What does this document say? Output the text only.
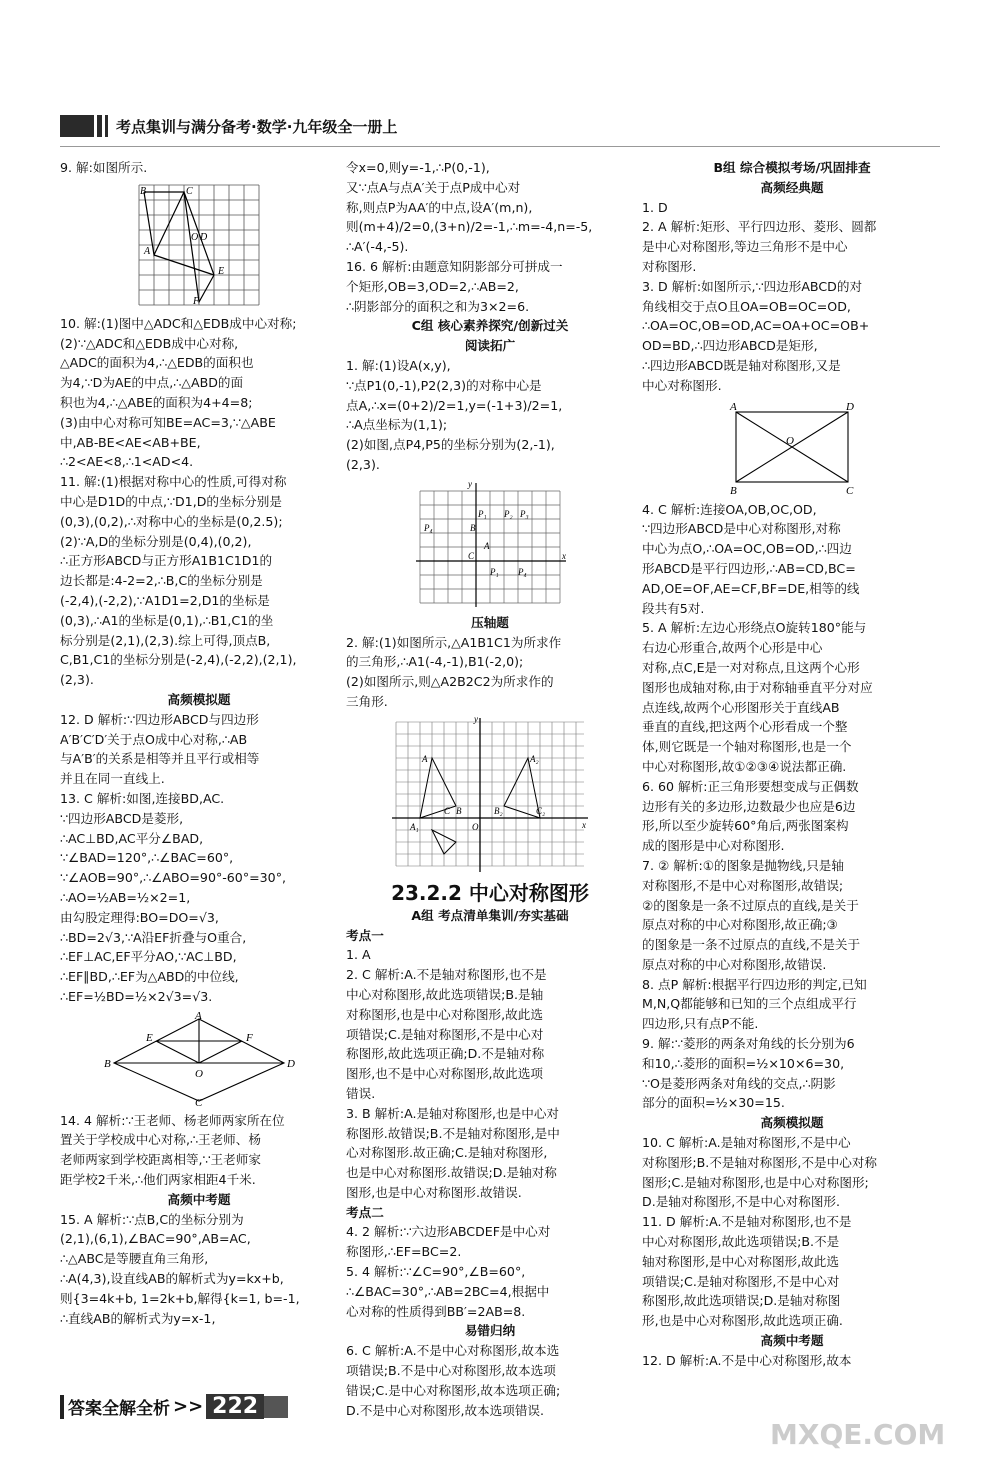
考点集训与满分备考·数学·九年级全一册上

9. 解:如图所示.

B	C
A
O D
E
F

10. 解:(1)图中△ADC和△EDB成中心对称;
(2)∵△ADC和△EDB成中心对称,
△ADC的面积为4,∴△EDB的面积也
为4,∵D为AE的中点,∴△ABD的面
积也为4,∴△ABE的面积为4+4=8;
(3)由中心对称可知BE=AC=3,∵△ABE
中,AB-BE<AE<AB+BE,
∴2<AE<8,∴1<AD<4.

11. 解:(1)根据对称中心的性质,可得对称
中心是D1D的中点,∵D1,D的坐标分别是
(0,3),(0,2),∴对称中心的坐标是(0,2.5);
(2)∵A,D的坐标分别是(0,4),(0,2),
∴正方形ABCD与正方形A1B1C1D1的
边长都是:4-2=2,∴B,C的坐标分别是
(-2,4),(-2,2),∵A1D1=2,D1的坐标是
(0,3),∴A1的坐标是(0,1),∴B1,C1的坐
标分别是(2,1),(2,3).综上可得,顶点B,
C,B1,C1的坐标分别是(-2,4),(-2,2),(2,1),
(2,3).

高频模拟题

12. D 解析:∵四边形ABCD与四边形
A′B′C′D′关于点O成中心对称,∴AB
与A′B′的关系是相等并且平行或相等
并且在同一直线上.

13. C 解析:如图,连接BD,AC.
∵四边形ABCD是菱形,
∴AC⊥BD,AC平分∠BAD,
∵∠BAD=120°,∴∠BAC=60°,
∵∠AOB=90°,∴∠ABO=90°-60°=30°,
∴AO=½AB=½×2=1,
由勾股定理得:BO=DO=√3,
∴BD=2√3,∵A沿EF折叠与O重合,
∴EF⊥AC,EF平分AO,∵AC⊥BD,
∴EF∥BD,∴EF为△ABD的中位线,
∴EF=½BD=½×2√3=√3.

A
E	F
B	D
O
C

14. 4 解析:∵王老师、杨老师两家所在位
置关于学校成中心对称,∴王老师、杨
老师两家到学校距离相等,∵王老师家
距学校2千米,∴他们两家相距4千米.

高频中考题

15. A 解析:∵点B,C的坐标分别为
(2,1),(6,1),∠BAC=90°,AB=AC,
∴△ABC是等腰直角三角形,
∴A(4,3),设直线AB的解析式为y=kx+b,
则{3=4k+b, 1=2k+b,解得{k=1, b=-1,
∴直线AB的解析式为y=x-1,

令x=0,则y=-1,∴P(0,-1),
又∵点A与点A′关于点P成中心对
称,则点P为AA′的中点,设A′(m,n),
则(m+4)/2=0,(3+n)/2=-1,∴m=-4,n=-5,
∴A′(-4,-5).

16. 6 解析:由题意知阴影部分可拼成一
个矩形,OB=3,OD=2,∴AB=2,
∴阴影部分的面积之和为3×2=6.

C组 核心素养探究/创新过关

阅读拓广

1. 解:(1)设A(x,y),
∵点P1(0,-1),P2(2,3)的对称中心是
点A,∴x=(0+2)/2=1,y=(-1+3)/2=1,
∴A点坐标为(1,1);
(2)如图,点P4,P5的坐标分别为(2,-1),
(2,3).

y
x
P₄
P₁ P₂ P₃
B
A
C
P₁ P₄

压轴题

2. 解:(1)如图所示,△A1B1C1为所求作
的三角形,∴A1(-4,-1),B1(-2,0);
(2)如图所示,则△A2B2C2为所求作的
三角形.

y
x
A	A₂
C B	B₂	C₂
A₁	O

23.2.2 中心对称图形

A组 考点清单集训/夯实基础

考点一

1. A

2. C 解析:A.不是轴对称图形,也不是
中心对称图形,故此选项错误;B.是轴
对称图形,也是中心对称图形,故此选
项错误;C.是轴对称图形,不是中心对
称图形,故此选项正确;D.不是轴对称
图形,也不是中心对称图形,故此选项
错误.

3. B 解析:A.是轴对称图形,也是中心对
称图形.故错误;B.不是轴对称图形,是中
心对称图形.故正确;C.是轴对称图形,
也是中心对称图形.故错误;D.是轴对称
图形,也是中心对称图形.故错误.

考点二

4. 2 解析:∵六边形ABCDEF是中心对
称图形,∴EF=BC=2.

5. 4 解析:∵∠C=90°,∠B=60°,
∴∠BAC=30°,∴AB=2BC=4,根据中
心对称的性质得到BB′=2AB=8.

易错归纳

6. C 解析:A.不是中心对称图形,故本选
项错误;B.不是中心对称图形,故本选项
错误;C.是中心对称图形,故本选项正确;
D.不是中心对称图形,故本选项错误.

B组 综合模拟考场/巩固排查

高频经典题

1. D

2. A 解析:矩形、平行四边形、菱形、圆都
是中心对称图形,等边三角形不是中心
对称图形.

3. D 解析:如图所示,∵四边形ABCD的对
角线相交于点O且OA=OB=OC=OD,
∴OA=OC,OB=OD,AC=OA+OC=OB+
OD=BD,∴四边形ABCD是矩形,
∴四边形ABCD既是轴对称图形,又是
中心对称图形.

A	D
O
B	C

4. C 解析:连接OA,OB,OC,OD,
∵四边形ABCD是中心对称图形,对称
中心为点O,∴OA=OC,OB=OD,∴四边
形ABCD是平行四边形,∴AB=CD,BC=
AD,OE=OF,AE=CF,BF=DE,相等的线
段共有5对.

5. A 解析:左边心形绕点O旋转180°能与
右边心形重合,故两个心形是中心
对称,点C,E是一对对称点,且这两个心形
图形也成轴对称,由于对称轴垂直平分对应
点连线,故两个心形图形关于直线AB
垂直的直线,把这两个心形看成一个整
体,则它既是一个轴对称图形,也是一个
中心对称图形,故①②③④说法都正确.

6. 60 解析:正三角形要想变成与正偶数
边形有关的多边形,边数最少也应是6边
形,所以至少旋转60°角后,两张图案构
成的图形是中心对称图形.

7. ② 解析:①的图象是抛物线,只是轴
对称图形,不是中心对称图形,故错误;
②的图象是一条不过原点的直线,是关于
原点对称的中心对称图形,故正确;③
的图象是一条不过原点的直线,不是关于
原点对称的中心对称图形,故错误.

8. 点P 解析:根据平行四边形的判定,已知
M,N,Q都能够和已知的三个点组成平行
四边形,只有点P不能.

9. 解:∵菱形的两条对角线的长分别为6
和10,∴菱形的面积=½×10×6=30,
∵O是菱形两条对角线的交点,∴阴影
部分的面积=½×30=15.

高频模拟题

10. C 解析:A.是轴对称图形,不是中心
对称图形;B.不是轴对称图形,不是中心对称
图形;C.是轴对称图形,也是中心对称图形;
D.是轴对称图形,不是中心对称图形.

11. D 解析:A.不是轴对称图形,也不是
中心对称图形,故此选项错误;B.不是
轴对称图形,是中心对称图形,故此选
项错误;C.是轴对称图形,不是中心对
称图形,故此选项错误;D.是轴对称图
形,也是中心对称图形,故此选项正确.

高频中考题

12. D 解析:A.不是中心对称图形,故本

答案全解全析 >> 222
MXQE.COM
